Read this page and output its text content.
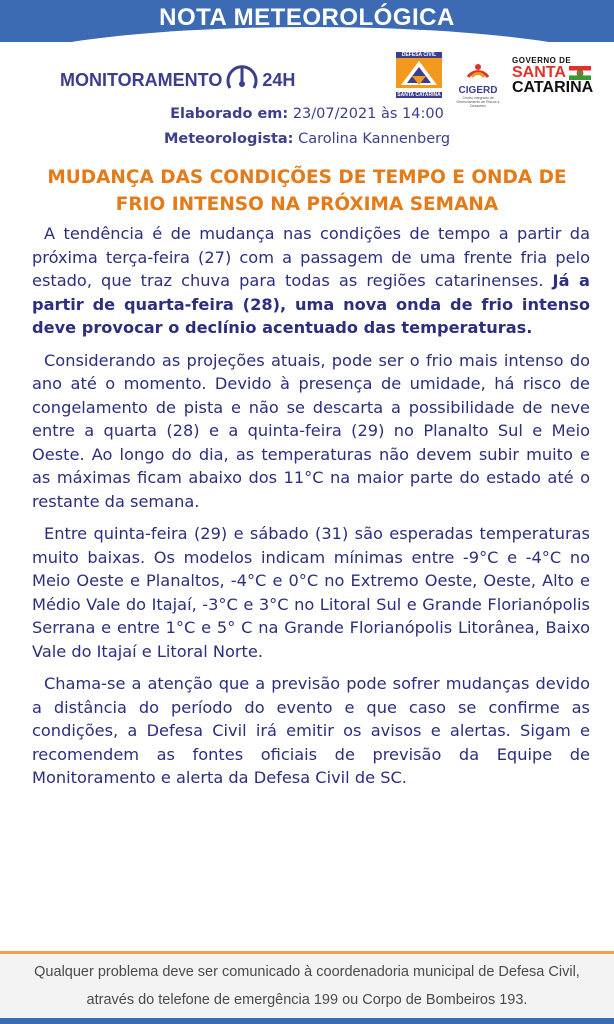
NOTA METEOROLÓGICA
MONITORAMENTO 24H
DEFESA CIVIL
SANTA CATARINA	CIGERD
Centro Integrado de Gerenciamento de Riscos e Desastres
GOVERNO DE
SANTA
CATARINA
Elaborado em: 23/07/2021 às 14:00
Meteorologista: Carolina Kannenberg
MUDANÇA DAS CONDIÇÕES DE TEMPO E ONDA DE FRIO INTENSO NA PRÓXIMA SEMANA

A tendência é de mudança nas condições de tempo a partir da próxima terça-feira (27) com a passagem de uma frente fria pelo estado, que traz chuva para todas as regiões catarinenses. Já a partir de quarta-feira (28), uma nova onda de frio intenso deve provocar o declínio acentuado das temperaturas.

Considerando as projeções atuais, pode ser o frio mais intenso do ano até o momento. Devido à presença de umidade, há risco de congelamento de pista e não se descarta a possibilidade de neve entre a quarta (28) e a quinta-feira (29) no Planalto Sul e Meio Oeste. Ao longo do dia, as temperaturas não devem subir muito e as máximas ficam abaixo dos 11°C na maior parte do estado até o restante da semana.

Entre quinta-feira (29) e sábado (31) são esperadas temperaturas muito baixas. Os modelos indicam mínimas entre -9°C e -4°C no Meio Oeste e Planaltos, -4°C e 0°C no Extremo Oeste, Oeste, Alto e Médio Vale do Itajaí, -3°C e 3°C no Litoral Sul e Grande Florianópolis Serrana e entre 1°C e 5° C na Grande Florianópolis Litorânea, Baixo Vale do Itajaí e Litoral Norte.

Chama-se a atenção que a previsão pode sofrer mudanças devido a distância do período do evento e que caso se confirme as condições, a Defesa Civil irá emitir os avisos e alertas. Sigam e recomendem as fontes oficiais de previsão da Equipe de Monitoramento e alerta da Defesa Civil de SC.

Qualquer problema deve ser comunicado à coordenadoria municipal de Defesa Civil,
através do telefone de emergência 199 ou Corpo de Bombeiros 193.
